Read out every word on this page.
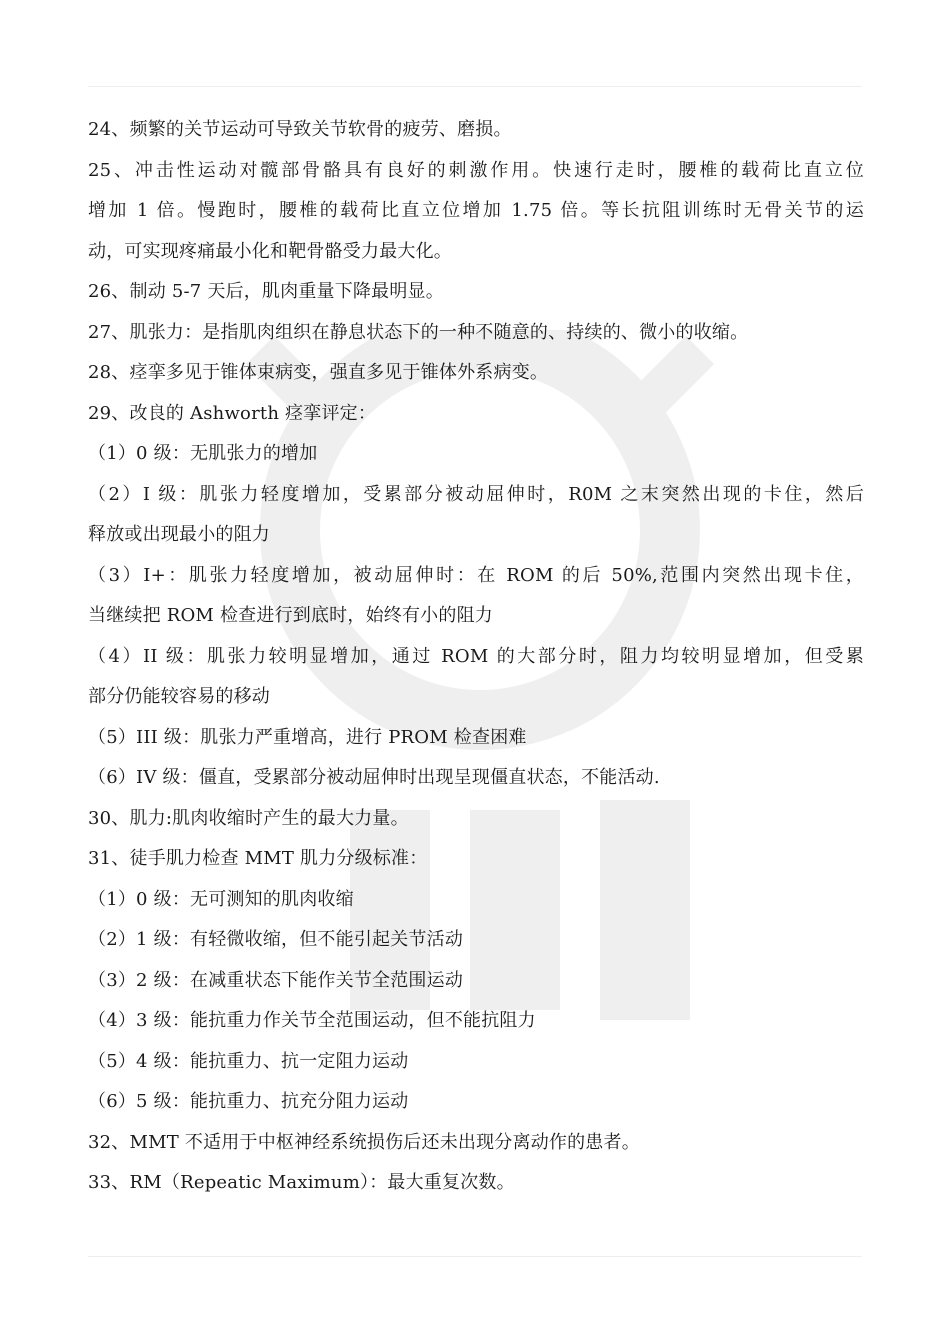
24、频繁的关节运动可导致关节软骨的疲劳、磨损。
25、冲击性运动对髋部骨骼具有良好的刺激作用。快速行走时，腰椎的载荷比直立位
增加 1 倍。慢跑时，腰椎的载荷比直立位增加 1.75 倍。等长抗阻训练时无骨关节的运
动，可实现疼痛最小化和靶骨骼受力最大化。
26、制动 5-7 天后，肌肉重量下降最明显。
27、肌张力：是指肌肉组织在静息状态下的一种不随意的、持续的、微小的收缩。
28、痉挛多见于锥体束病变，强直多见于锥体外系病变。
29、改良的 Ashworth 痉挛评定：
（1）0 级：无肌张力的增加
（2）I 级：肌张力轻度增加，受累部分被动屈伸时，R0M 之末突然出现的卡住，然后
释放或出现最小的阻力
（3）I+：肌张力轻度增加，被动屈伸时：在 ROM 的后 50%,范围内突然出现卡住，
当继续把 ROM 检查进行到底时，始终有小的阻力
（4）II 级：肌张力较明显增加，通过 ROM 的大部分时，阻力均较明显增加，但受累
部分仍能较容易的移动
（5）III 级：肌张力严重增高，进行 PROM 检查困难
（6）IV 级：僵直，受累部分被动屈伸时出现呈现僵直状态，不能活动.
30、肌力:肌肉收缩时产生的最大力量。
31、徒手肌力检查 MMT 肌力分级标准：
（1）0 级：无可测知的肌肉收缩
（2）1 级：有轻微收缩，但不能引起关节活动
（3）2 级：在减重状态下能作关节全范围运动
（4）3 级：能抗重力作关节全范围运动，但不能抗阻力
（5）4 级：能抗重力、抗一定阻力运动
（6）5 级：能抗重力、抗充分阻力运动
32、MMT 不适用于中枢神经系统损伤后还未出现分离动作的患者。
33、RM（Repeatic Maximum）：最大重复次数。
